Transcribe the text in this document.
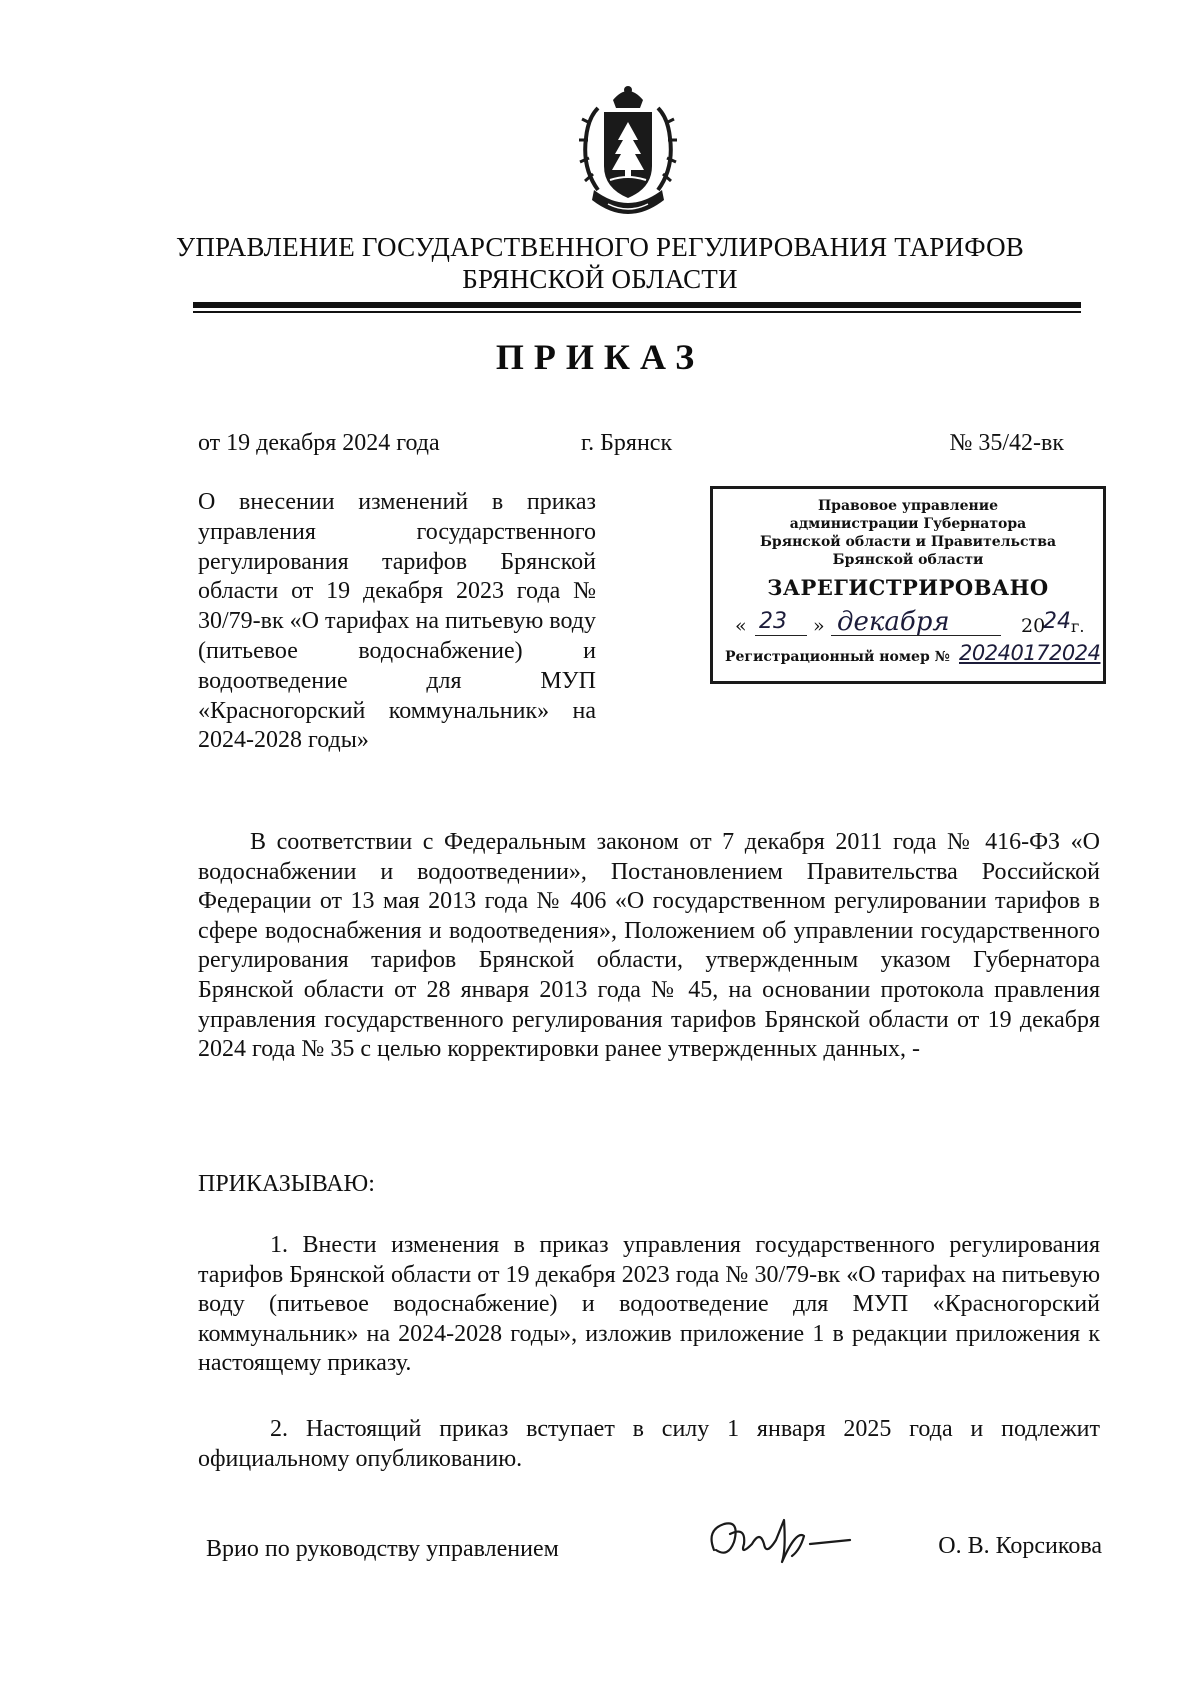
УПРАВЛЕНИЕ ГОСУДАРСТВЕННОГО РЕГУЛИРОВАНИЯ ТАРИФОВ
БРЯНСКОЙ ОБЛАСТИ
ПРИКАЗ
от 19 декабря 2024 года	г. Брянск	№ 35/42-вк
О внесении изменений в приказ управления государственного регулирования тарифов Брянской области от 19 декабря 2023 года № 30/79-вк «О тарифах на питьевую воду (питьевое водоснабжение) и водоотведение для МУП «Красногорский коммунальник» на 2024-2028 годы»
Правовое управление
администрации Губернатора
Брянской области и Правительства
Брянской области
ЗАРЕГИСТРИРОВАНО
« 23 » декабря	20
24 г.
Регистрационный номер № 20240172024
В соответствии с Федеральным законом от 7 декабря 2011 года № 416-ФЗ «О водоснабжении и водоотведении», Постановлением Правительства Российской Федерации от 13 мая 2013 года № 406 «О государственном регулировании тарифов в сфере водоснабжения и водоотведения», Положением об управлении государственного регулирования тарифов Брянской области, утвержденным указом Губернатора Брянской области от 28 января 2013 года № 45, на основании протокола правления управления государственного регулирования тарифов Брянской области от 19 декабря 2024 года № 35 с целью корректировки ранее утвержденных данных, -
ПРИКАЗЫВАЮ:
1. Внести изменения в приказ управления государственного регулирования тарифов Брянской области от 19 декабря 2023 года № 30/79-вк «О тарифах на питьевую воду (питьевое водоснабжение) и водоотведение для МУП «Красногорский коммунальник» на 2024-2028 годы», изложив приложение 1 в редакции приложения к настоящему приказу.
2. Настоящий приказ вступает в силу 1 января 2025 года и подлежит официальному опубликованию.
Врио по руководству управлением	О. В. Корсикова
